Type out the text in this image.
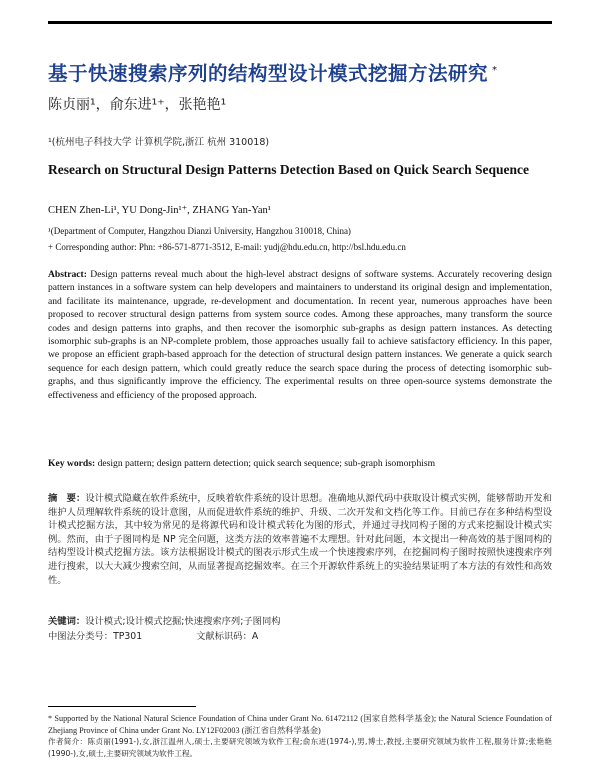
基于快速搜索序列的结构型设计模式挖掘方法研究 *
陈贞丽¹，俞东进¹⁺，张艳艳¹
¹(杭州电子科技大学 计算机学院,浙江 杭州 310018)
Research on Structural Design Patterns Detection Based on Quick Search Sequence
CHEN Zhen-Li¹, YU Dong-Jin¹⁺, ZHANG Yan-Yan¹
¹(Department of Computer, Hangzhou Dianzi University, Hangzhou 310018, China)
+ Corresponding author: Phn: +86-571-8771-3512, E-mail: yudj@hdu.edu.cn, http://bsl.hdu.edu.cn
Abstract: Design patterns reveal much about the high-level abstract designs of software systems. Accurately recovering design pattern instances in a software system can help developers and maintainers to understand its original design and implementation, and facilitate its maintenance, upgrade, re-development and documentation. In recent year, numerous approaches have been proposed to recover structural design patterns from system source codes. Among these approaches, many transform the source codes and design patterns into graphs, and then recover the isomorphic sub-graphs as design pattern instances. As detecting isomorphic sub-graphs is an NP-complete problem, those approaches usually fail to achieve satisfactory efficiency. In this paper, we propose an efficient graph-based approach for the detection of structural design pattern instances. We generate a quick search sequence for each design pattern, which could greatly reduce the search space during the process of detecting isomorphic sub-graphs, and thus significantly improve the efficiency. The experimental results on three open-source systems demonstrate the effectiveness and efficiency of the proposed approach.
Key words: design pattern; design pattern detection; quick search sequence; sub-graph isomorphism
摘　要：设计模式隐藏在软件系统中，反映着软件系统的设计思想。准确地从源代码中获取设计模式实例，能够帮助开发和维护人员理解软件系统的设计意图，从而促进软件系统的维护、升级、二次开发和文档化等工作。目前已存在多种结构型设计模式挖掘方法，其中较为常见的是将源代码和设计模式转化为图的形式，并通过寻找同构子图的方式来挖掘设计模式实例。然而，由于子图同构是 NP 完全问题，这类方法的效率普遍不太理想。针对此问题，本文提出一种高效的基于图同构的结构型设计模式挖掘方法。该方法根据设计模式的图表示形式生成一个快速搜索序列，在挖掘同构子图时按照快速搜索序列进行搜索，以大大减少搜索空间，从而显著提高挖掘效率。在三个开源软件系统上的实验结果证明了本方法的有效性和高效性。
关键词：设计模式;设计模式挖掘;快速搜索序列;子图同构
中图法分类号：TP301	文献标识码：A

* Supported by the National Natural Science Foundation of China under Grant No. 61472112 (国家自然科学基金); the Natural Science Foundation of Zhejiang Province of China under Grant No. LY12F02003 (浙江省自然科学基金)

作者简介：陈贞丽(1991-),女,浙江温州人,硕士,主要研究领域为软件工程;俞东进(1974-),男,博士,教授,主要研究领域为软件工程,服务计算;张艳艳(1990-),女,硕士,主要研究领域为软件工程。
